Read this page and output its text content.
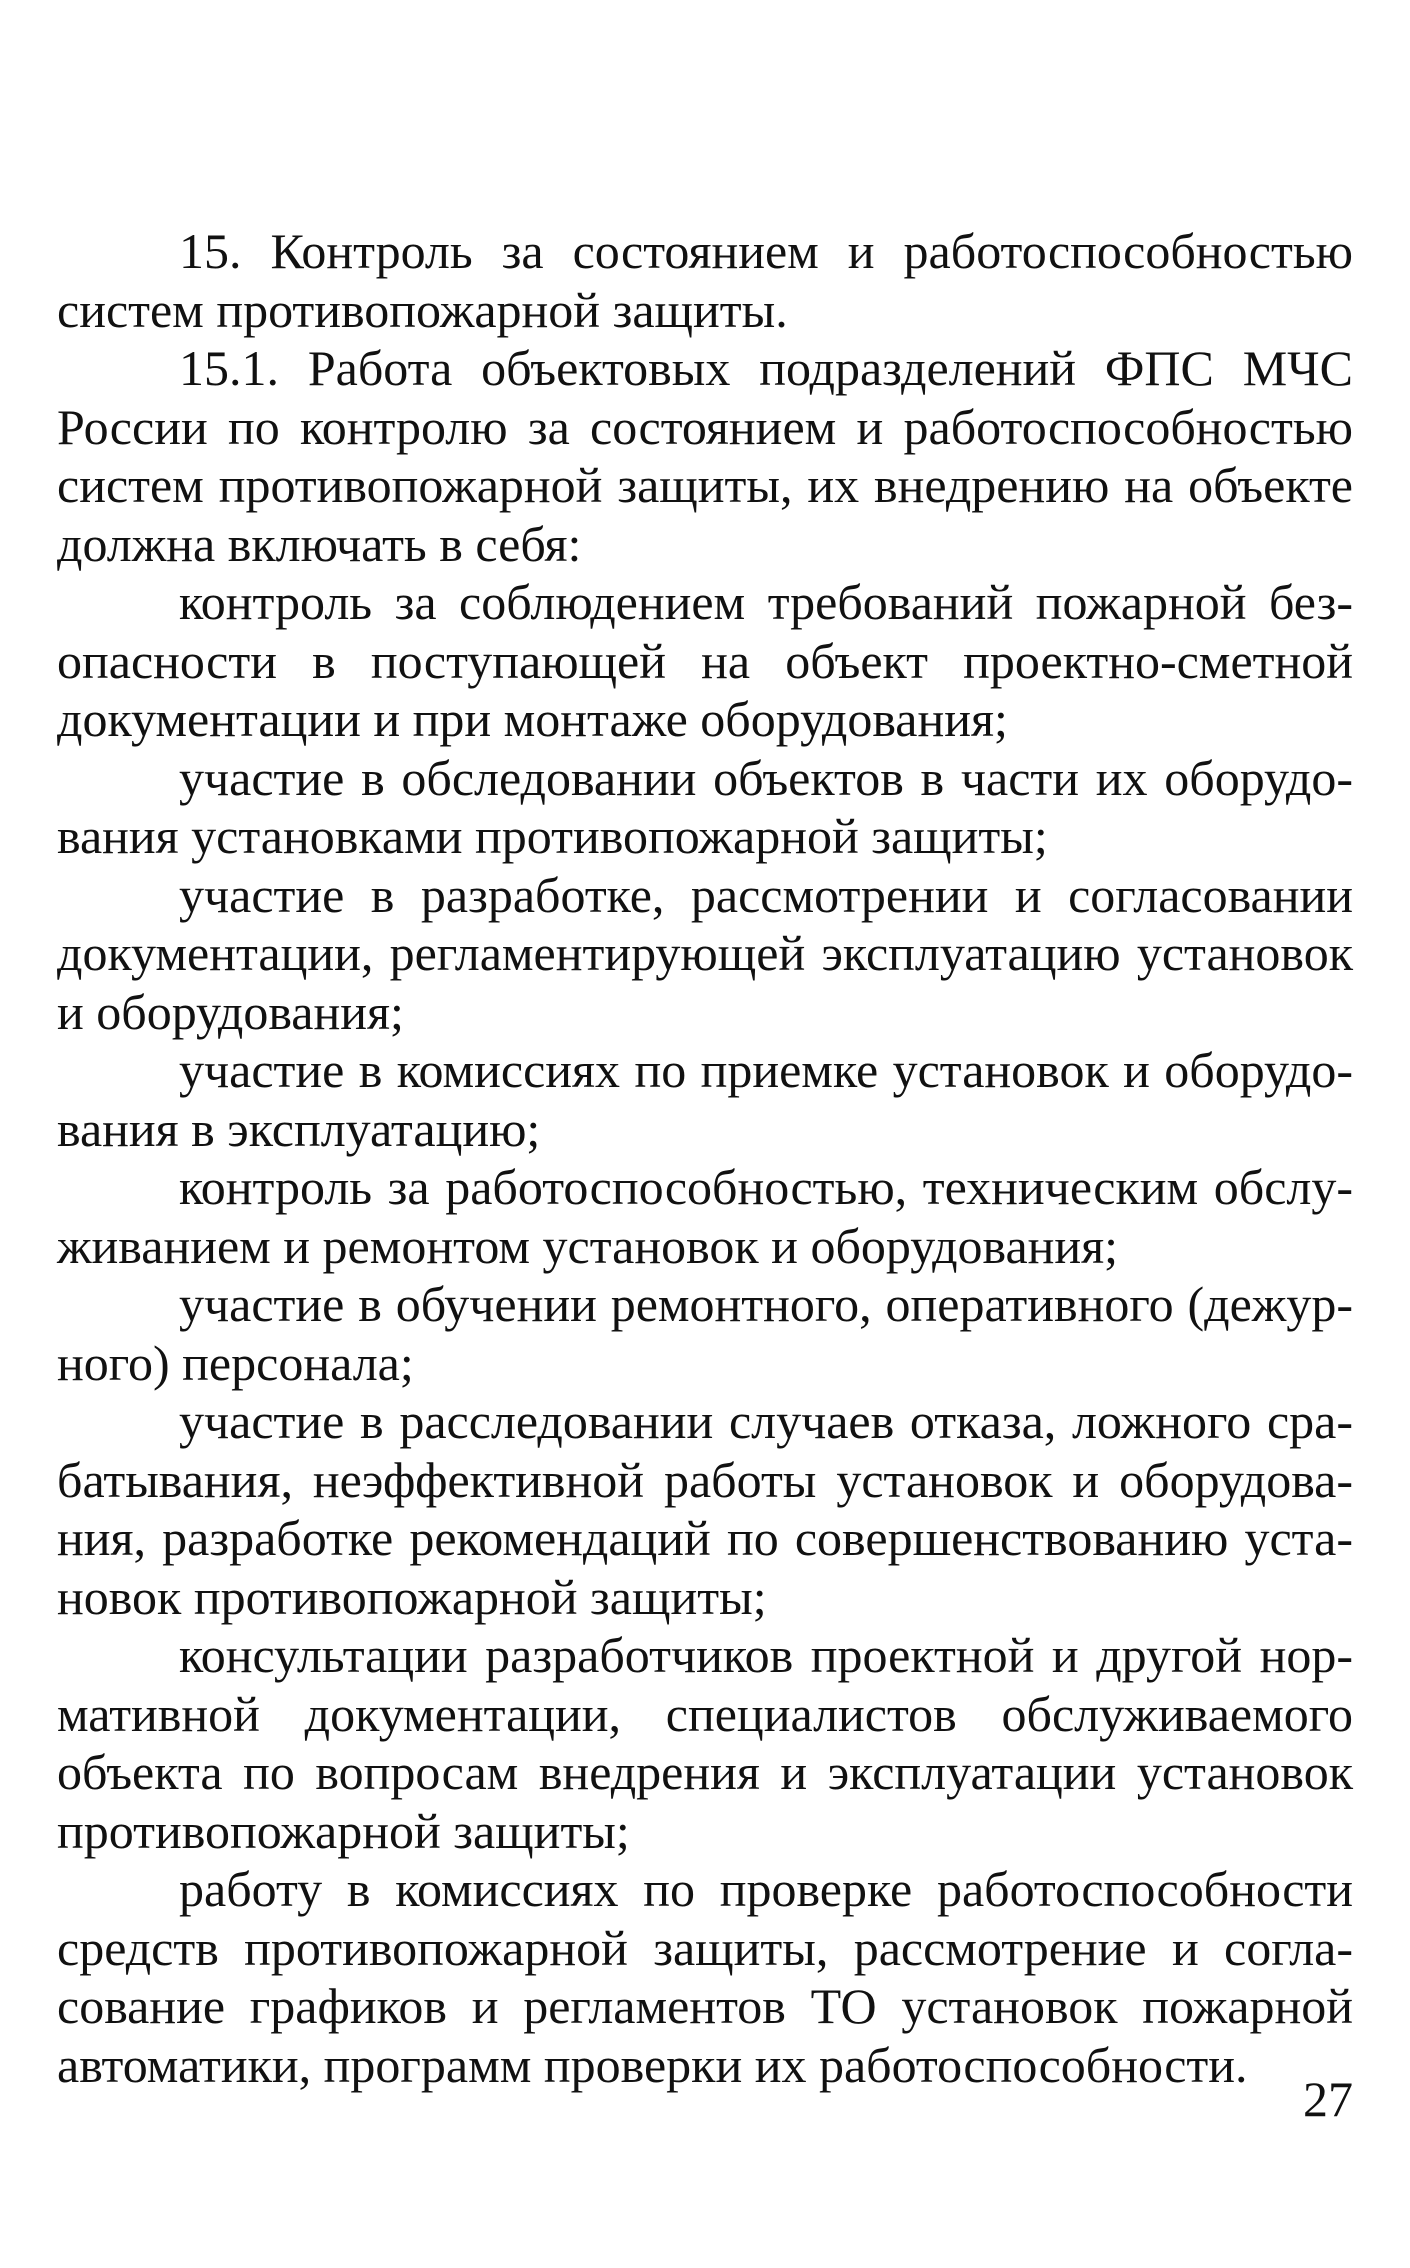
15. Контроль за состоянием и работоспособностью систем противопожарной защиты.

15.1. Работа объектовых подразделений ФПС МЧС России по контролю за состоянием и работоспособностью систем противопожарной защиты, их внедрению на объекте должна включать в себя:

контроль за соблюдением требований пожарной безопасности в поступающей на объект проектно-сметной документации и при монтаже оборудования;

участие в обследовании объектов в части их оборудования установками противопожарной защиты;

участие в разработке, рассмотрении и согласовании документации, регламентирующей эксплуатацию установок и оборудования;

участие в комиссиях по приемке установок и оборудования в эксплуатацию;

контроль за работоспособностью, техническим обслуживанием и ремонтом установок и оборудования;

участие в обучении ремонтного, оперативного (дежурного) персонала;

участие в расследовании случаев отказа, ложного срабатывания, неэффективной работы установок и оборудования, разработке рекомендаций по совершенствованию установок противопожарной защиты;

консультации разработчиков проектной и другой нормативной документации, специалистов обслуживаемого объекта по вопросам внедрения и эксплуатации установок противопожарной защиты;

работу в комиссиях по проверке работоспособности средств противопожарной защиты, рассмотрение и согласование графиков и регламентов ТО установок пожарной автоматики, программ проверки их работоспособности.

27
